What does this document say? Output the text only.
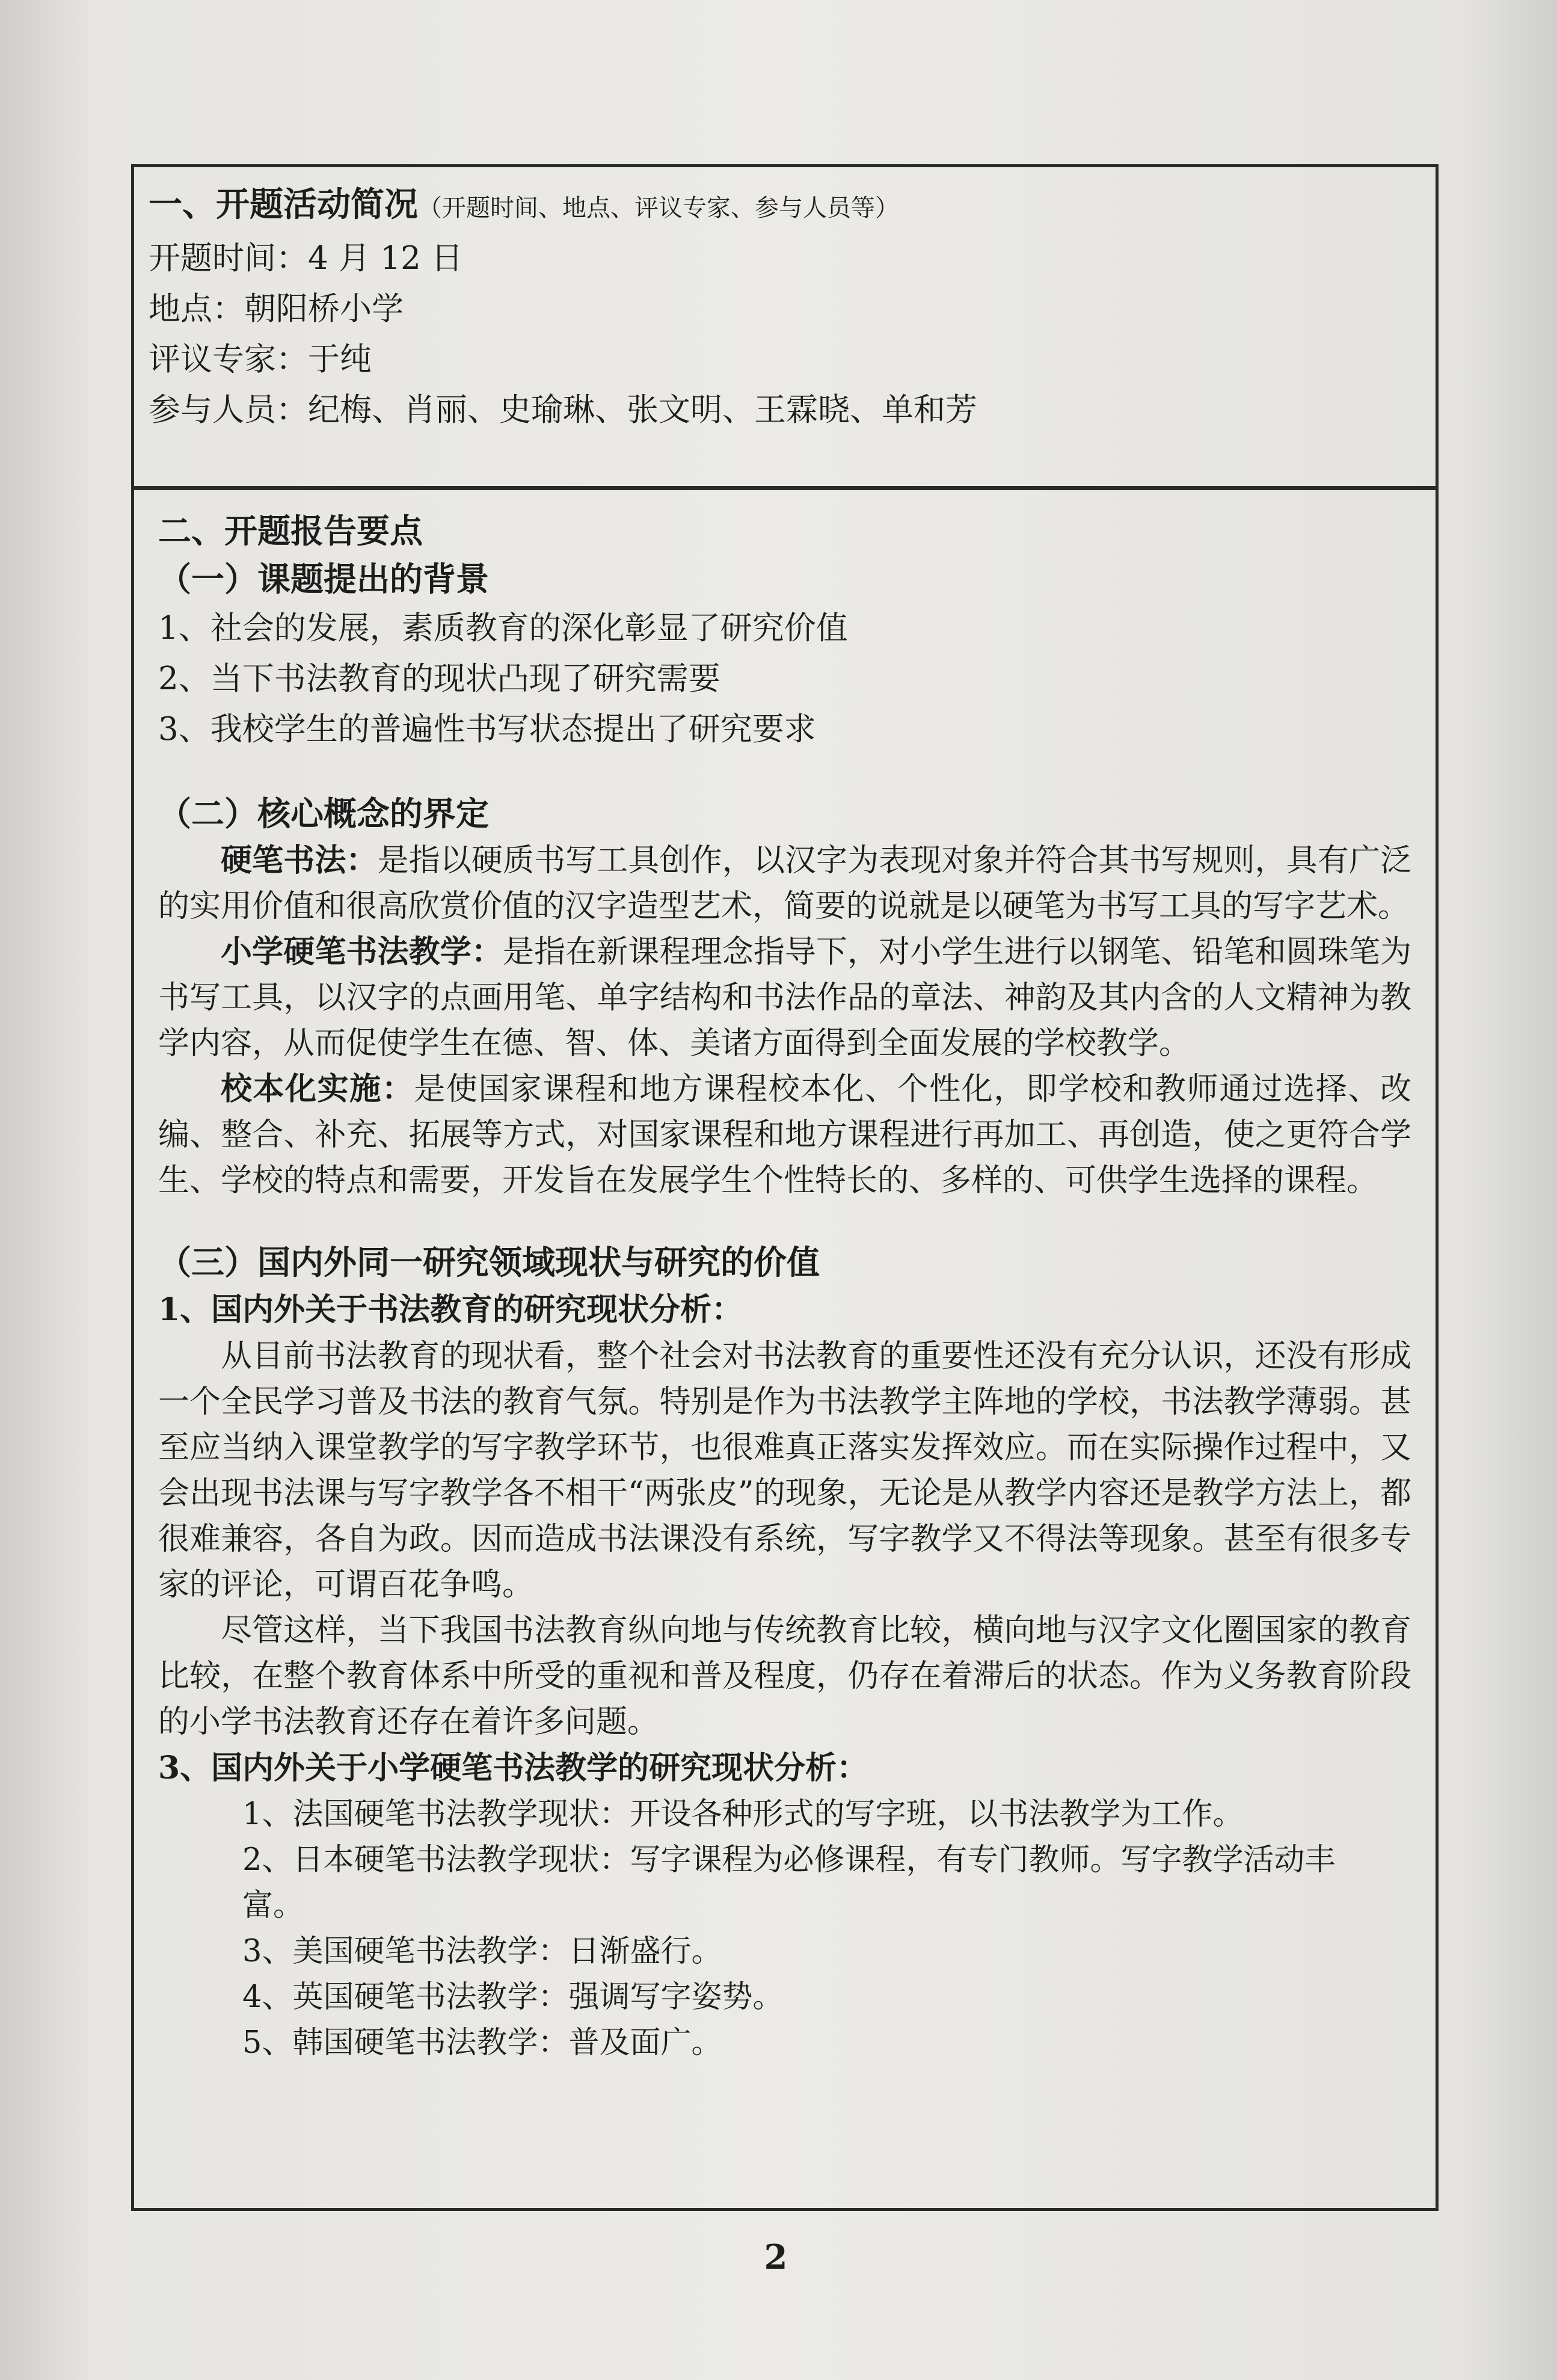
一、开题活动简况（开题时间、地点、评议专家、参与人员等）
开题时间：4 月 12 日
地点：朝阳桥小学
评议专家：于纯
参与人员：纪梅、肖丽、史瑜琳、张文明、王霖晓、单和芳
二、开题报告要点
（一）课题提出的背景
1、社会的发展，素质教育的深化彰显了研究价值
2、当下书法教育的现状凸现了研究需要
3、我校学生的普遍性书写状态提出了研究要求
（二）核心概念的界定

硬笔书法：是指以硬质书写工具创作，以汉字为表现对象并符合其书写规则，具有广泛的实用价值和很高欣赏价值的汉字造型艺术，简要的说就是以硬笔为书写工具的写字艺术。

小学硬笔书法教学：是指在新课程理念指导下，对小学生进行以钢笔、铅笔和圆珠笔为书写工具，以汉字的点画用笔、单字结构和书法作品的章法、神韵及其内含的人文精神为教学内容，从而促使学生在德、智、体、美诸方面得到全面发展的学校教学。

校本化实施：是使国家课程和地方课程校本化、个性化，即学校和教师通过选择、改编、整合、补充、拓展等方式，对国家课程和地方课程进行再加工、再创造，使之更符合学生、学校的特点和需要，开发旨在发展学生个性特长的、多样的、可供学生选择的课程。

（三）国内外同一研究领域现状与研究的价值
1、国内外关于书法教育的研究现状分析：

从目前书法教育的现状看，整个社会对书法教育的重要性还没有充分认识，还没有形成一个全民学习普及书法的教育气氛。特别是作为书法教学主阵地的学校，书法教学薄弱。甚至应当纳入课堂教学的写字教学环节，也很难真正落实发挥效应。而在实际操作过程中，又会出现书法课与写字教学各不相干“两张皮”的现象，无论是从教学内容还是教学方法上，都很难兼容，各自为政。因而造成书法课没有系统，写字教学又不得法等现象。甚至有很多专家的评论，可谓百花争鸣。

尽管这样，当下我国书法教育纵向地与传统教育比较，横向地与汉字文化圈国家的教育比较，在整个教育体系中所受的重视和普及程度，仍存在着滞后的状态。作为义务教育阶段的小学书法教育还存在着许多问题。

3、国内外关于小学硬笔书法教学的研究现状分析：
1、法国硬笔书法教学现状：开设各种形式的写字班，以书法教学为工作。
2、日本硬笔书法教学现状：写字课程为必修课程，有专门教师。写字教学活动丰富。
3、美国硬笔书法教学：日渐盛行。
4、英国硬笔书法教学：强调写字姿势。
5、韩国硬笔书法教学：普及面广。
2
